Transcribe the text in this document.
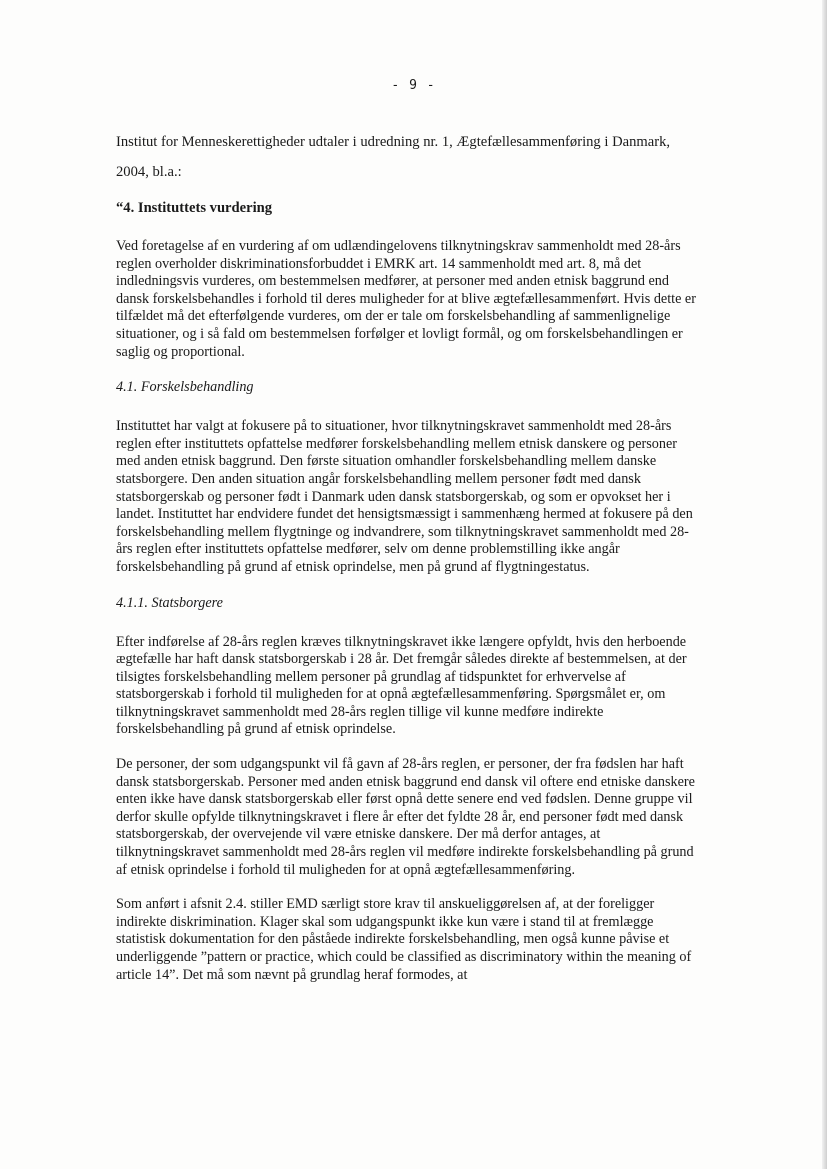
- 9 -

Institut for Menneskerettigheder udtaler i udredning nr. 1, Ægtefællesammenføring i Danmark, 2004, bl.a.:

“4. Instituttets vurdering

Ved foretagelse af en vurdering af om udlændingelovens tilknytningskrav sammenholdt med 28-års reglen overholder diskriminationsforbuddet i EMRK art. 14 sammenholdt med art. 8, må det indledningsvis vurderes, om bestemmelsen medfører, at personer med anden etnisk baggrund end dansk forskelsbehandles i forhold til deres muligheder for at blive ægtefællesammenført. Hvis dette er tilfældet må det efterfølgende vurderes, om der er tale om forskelsbehandling af sammenlignelige situationer, og i så fald om bestemmelsen forfølger et lovligt formål, og om forskelsbehandlingen er saglig og proportional.

4.1. Forskelsbehandling

Instituttet har valgt at fokusere på to situationer, hvor tilknytningskravet sammenholdt med 28-års reglen efter instituttets opfattelse medfører forskelsbehandling mellem etnisk danskere og personer med anden etnisk baggrund. Den første situation omhandler forskelsbehandling mellem danske statsborgere. Den anden situation angår forskelsbehandling mellem personer født med dansk statsborgerskab og personer født i Danmark uden dansk statsborgerskab, og som er opvokset her i landet. Instituttet har endvidere fundet det hensigtsmæssigt i sammenhæng hermed at fokusere på den forskelsbehandling mellem flygtninge og indvandrere, som tilknytningskravet sammenholdt med 28-års reglen efter instituttets opfattelse medfører, selv om denne problemstilling ikke angår forskelsbehandling på grund af etnisk oprindelse, men på grund af flygtningestatus.

4.1.1. Statsborgere

Efter indførelse af 28-års reglen kræves tilknytningskravet ikke længere opfyldt, hvis den herboende ægtefælle har haft dansk statsborgerskab i 28 år. Det fremgår således direkte af bestemmelsen, at der tilsigtes forskelsbehandling mellem personer på grundlag af tidspunktet for erhvervelse af statsborgerskab i forhold til muligheden for at opnå ægtefællesammenføring. Spørgsmålet er, om tilknytningskravet sammenholdt med 28-års reglen tillige vil kunne medføre indirekte forskelsbehandling på grund af etnisk oprindelse.

De personer, der som udgangspunkt vil få gavn af 28-års reglen, er personer, der fra fødslen har haft dansk statsborgerskab. Personer med anden etnisk baggrund end dansk vil oftere end etniske danskere enten ikke have dansk statsborgerskab eller først opnå dette senere end ved fødslen. Denne gruppe vil derfor skulle opfylde tilknytningskravet i flere år efter det fyldte 28 år, end personer født med dansk statsborgerskab, der overvejende vil være etniske danskere. Der må derfor antages, at tilknytningskravet sammenholdt med 28-års reglen vil medføre indirekte forskelsbehandling på grund af etnisk oprindelse i forhold til muligheden for at opnå ægtefællesammenføring.

Som anført i afsnit 2.4. stiller EMD særligt store krav til anskueliggørelsen af, at der foreligger indirekte diskrimination. Klager skal som udgangspunkt ikke kun være i stand til at fremlægge statistisk dokumentation for den påståede indirekte forskelsbehandling, men også kunne påvise et underliggende ”pattern or practice, which could be classified as discriminatory within the meaning of article 14”. Det må som nævnt på grundlag heraf formodes, at
